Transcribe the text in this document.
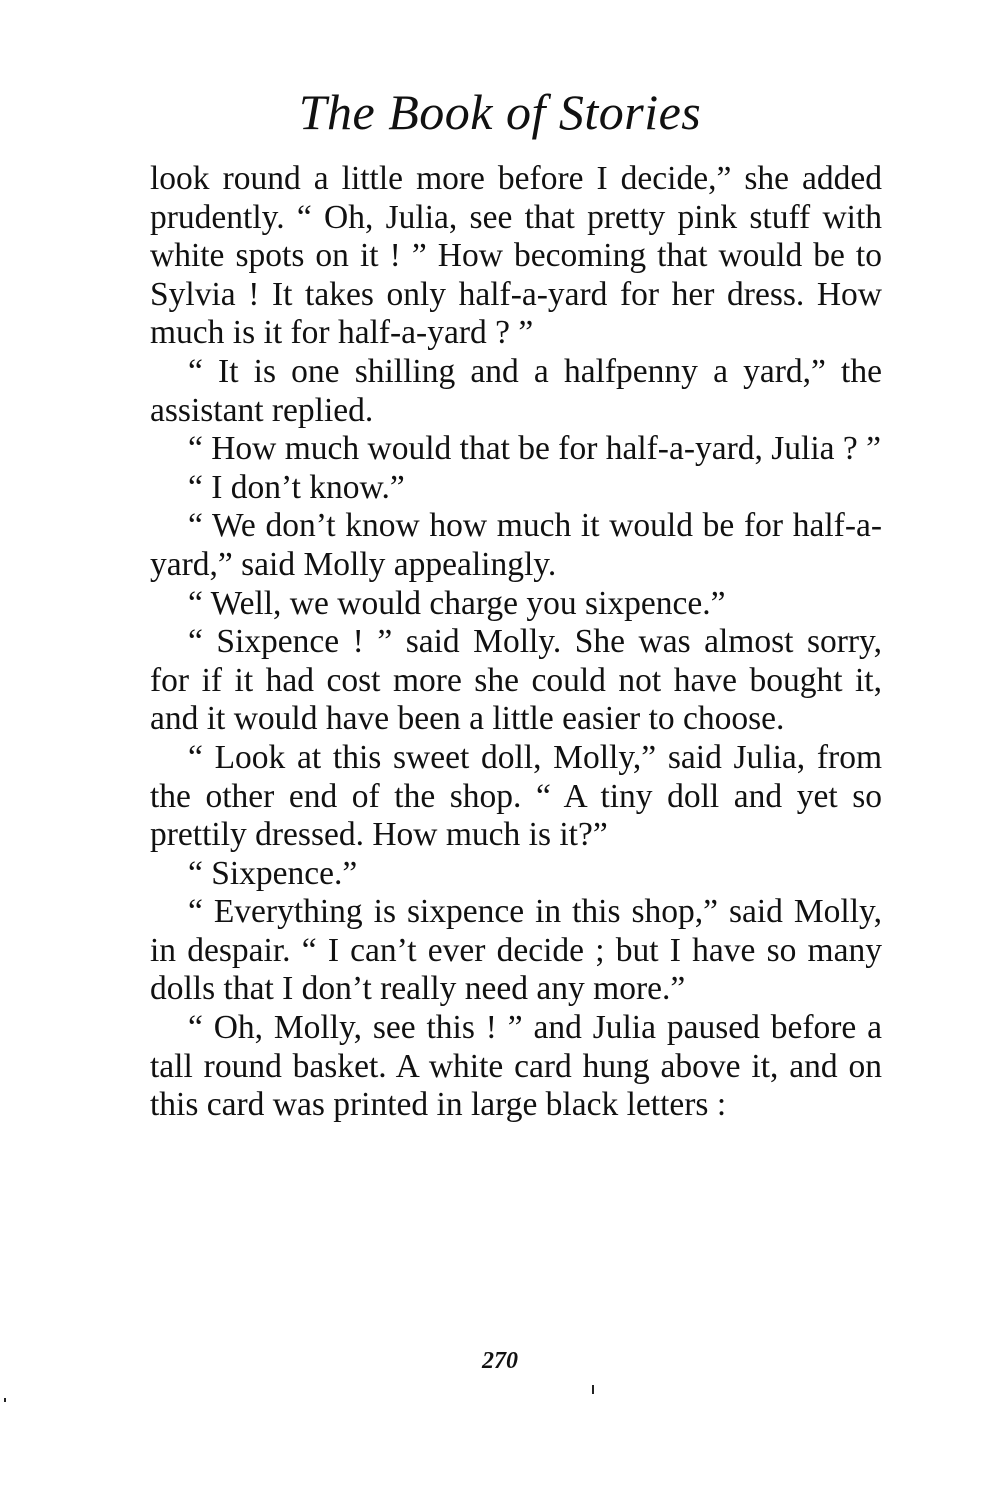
The Book of Stories

look round a little more before I decide,” she added prudently. “ Oh, Julia, see that pretty pink stuff with white spots on it ! ” How becoming that would be to Sylvia ! It takes only half-a-yard for her dress. How much is it for half-a-yard ? ”

“ It is one shilling and a halfpenny a yard,” the assistant replied.

“ How much would that be for half-a-yard, Julia ? ”

“ I don’t know.”

“ We don’t know how much it would be for half-a-yard,” said Molly appealingly.

“ Well, we would charge you sixpence.”

“ Sixpence ! ” said Molly. She was almost sorry, for if it had cost more she could not have bought it, and it would have been a little easier to choose.

“ Look at this sweet doll, Molly,” said Julia, from the other end of the shop. “ A tiny doll and yet so prettily dressed. How much is it?”

“ Sixpence.”

“ Everything is sixpence in this shop,” said Molly, in despair. “ I can’t ever decide ; but I have so many dolls that I don’t really need any more.”

“ Oh, Molly, see this ! ” and Julia paused before a tall round basket. A white card hung above it, and on this card was printed in large black letters :

270
